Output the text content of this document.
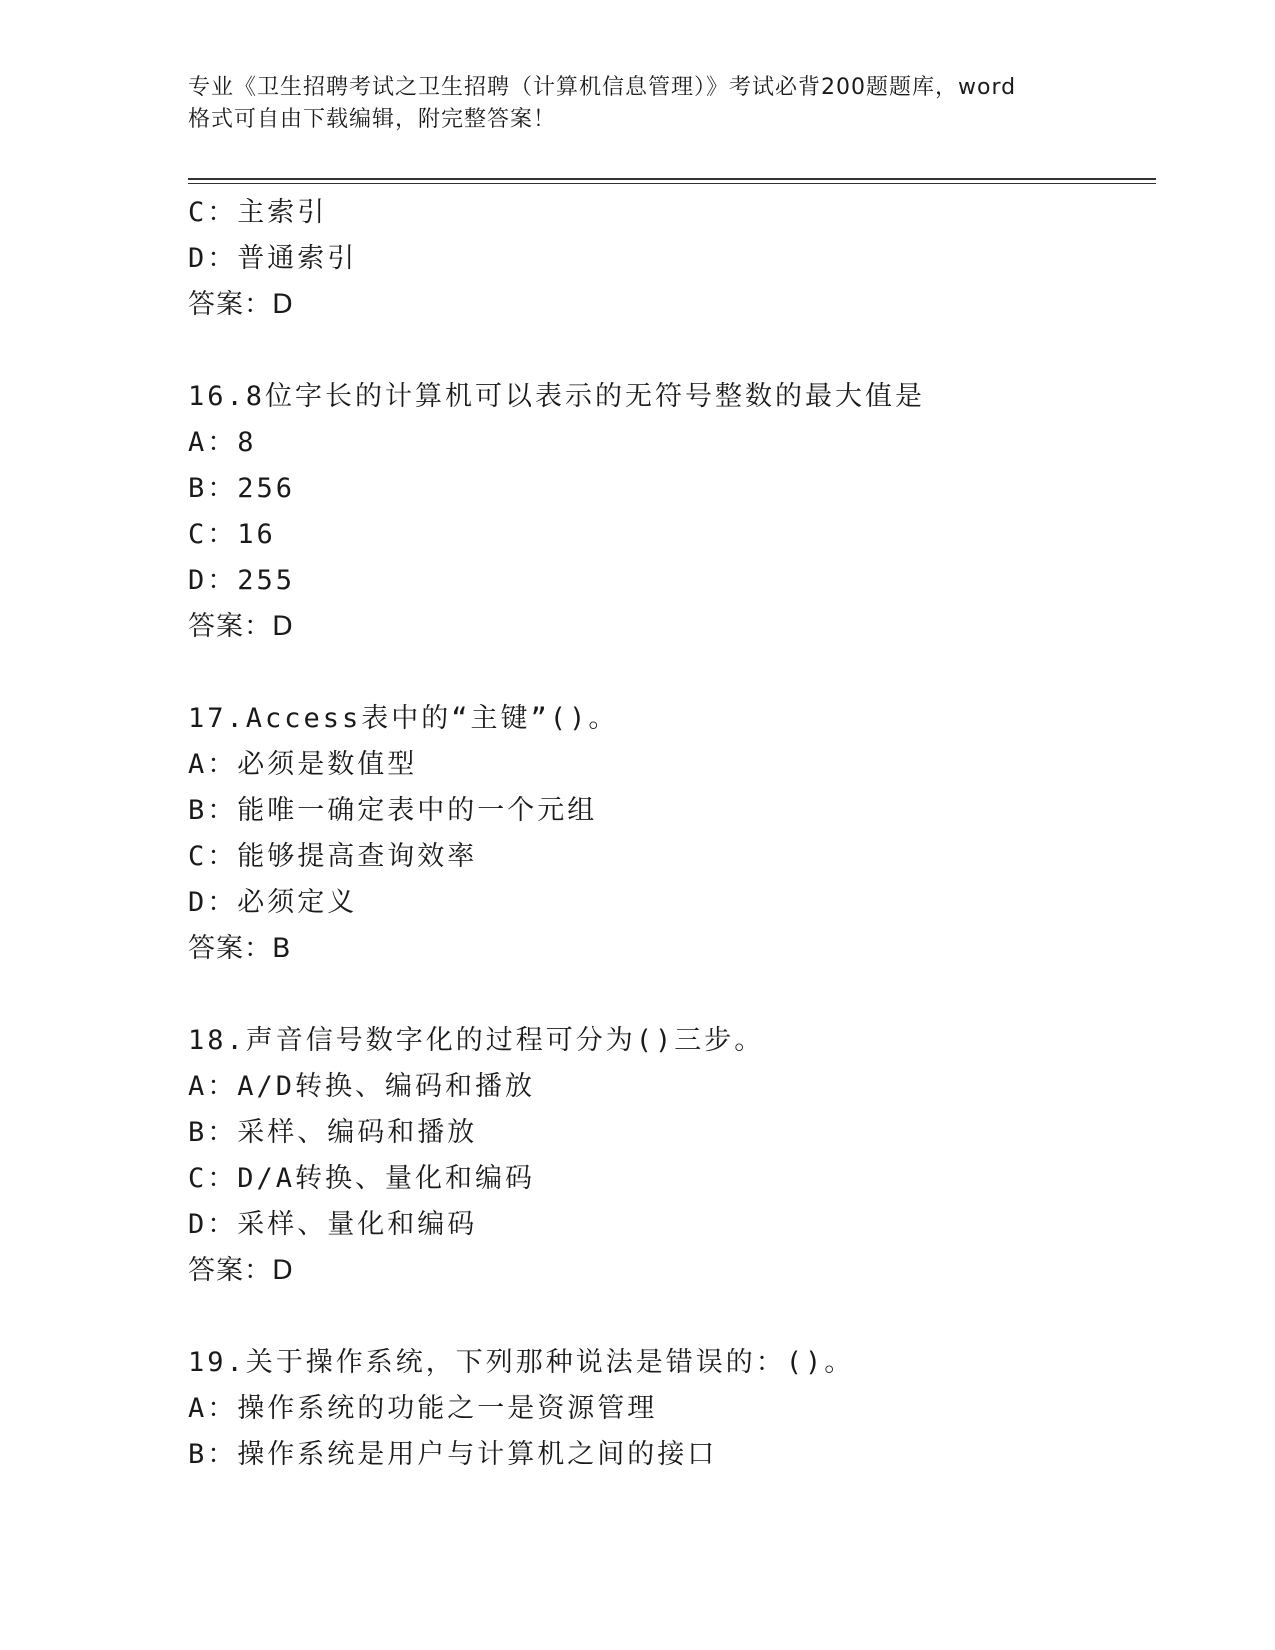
专业《卫生招聘考试之卫生招聘（计算机信息管理）》考试必背200题题库，word

格式可自由下载编辑，附完整答案！

C：主索引
D：普通索引
答案：D
16.8位字长的计算机可以表示的无符号整数的最大值是
A：8
B：256
C：16
D：255
答案：D
17.Access表中的“主键”()。
A：必须是数值型
B：能唯一确定表中的一个元组
C：能够提高查询效率
D：必须定义
答案：B
18.声音信号数字化的过程可分为()三步。
A：A/D转换、编码和播放
B：采样、编码和播放
C：D/A转换、量化和编码
D：采样、量化和编码
答案：D
19.关于操作系统，下列那种说法是错误的：()。
A：操作系统的功能之一是资源管理
B：操作系统是用户与计算机之间的接口
